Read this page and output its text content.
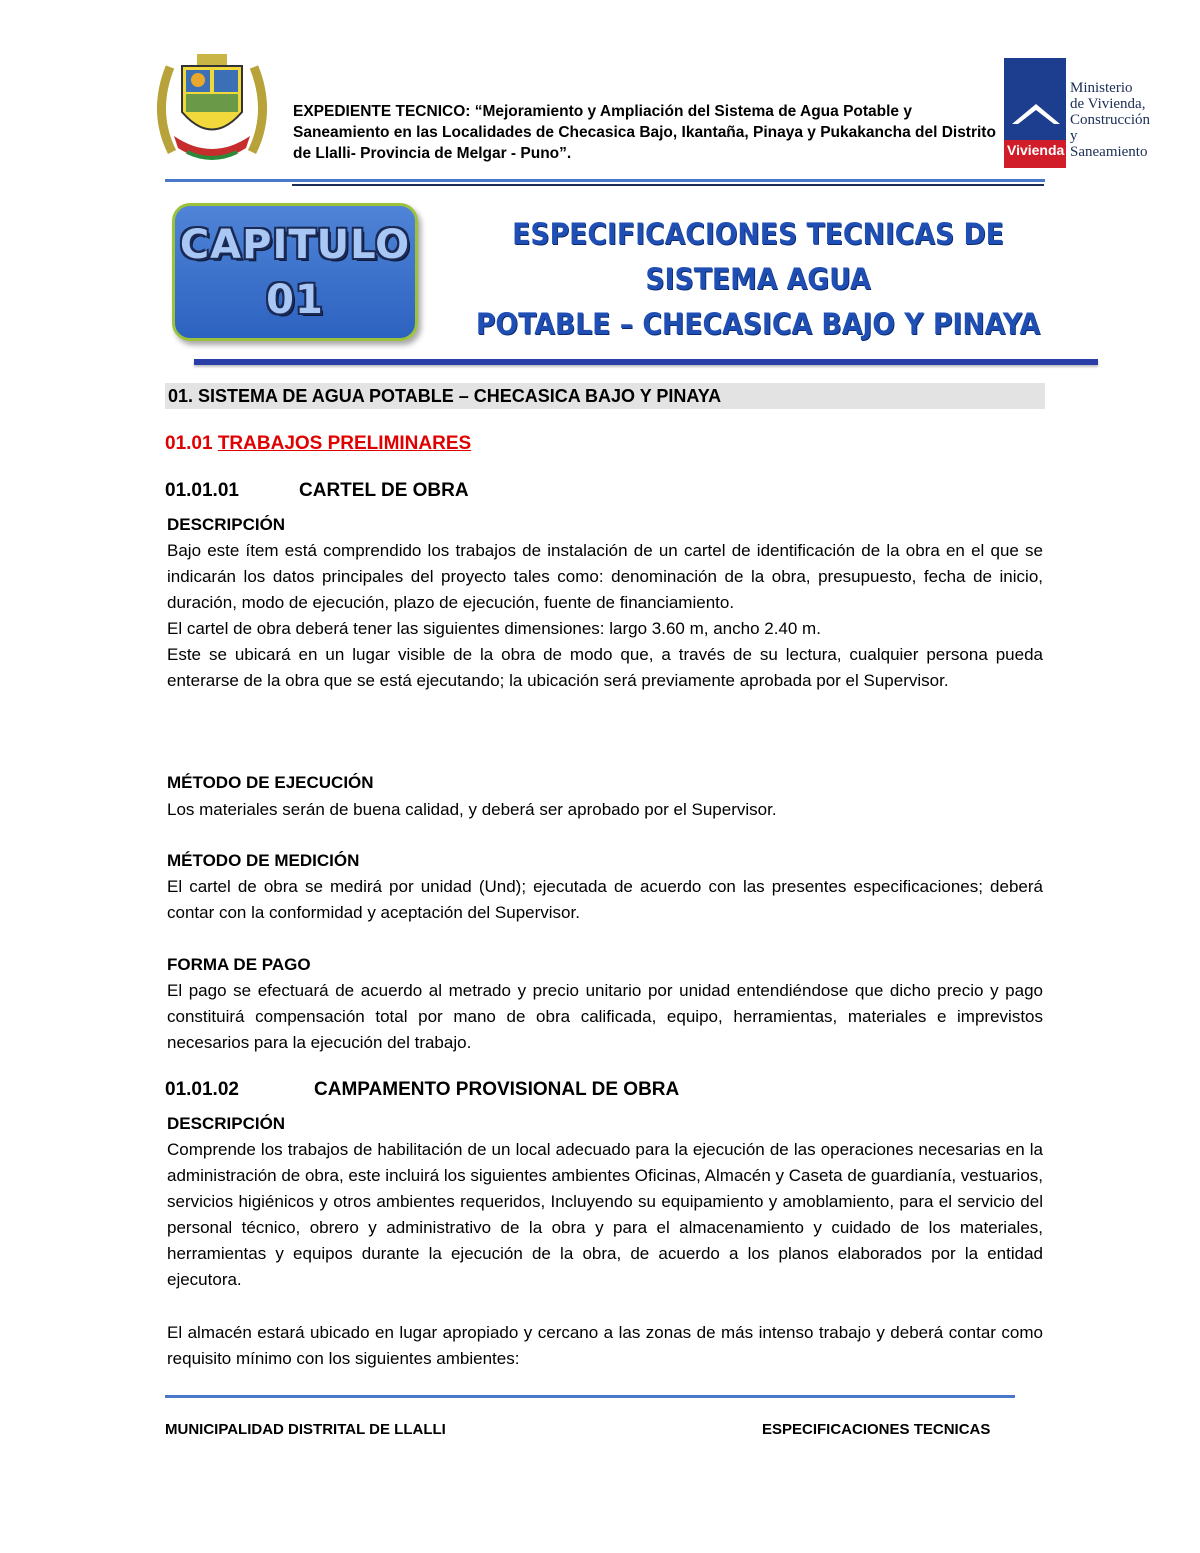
EXPEDIENTE TECNICO: “Mejoramiento y Ampliación del Sistema de Agua Potable y Saneamiento en las Localidades de Checasica Bajo, Ikantaña, Pinaya y Pukakancha del Distrito de Llalli- Provincia de Melgar - Puno”.	Vivienda
Ministerio
de Vivienda,
Construcción
y Saneamiento
CAPITULO
01
ESPECIFICACIONES TECNICAS DE SISTEMA AGUA
POTABLE – CHECASICA BAJO Y PINAYA
01. SISTEMA DE AGUA POTABLE – CHECASICA BAJO Y PINAYA
01.01 TRABAJOS PRELIMINARES
01.01.01	CARTEL DE OBRA
DESCRIPCIÓN

Bajo este ítem está comprendido los trabajos de instalación de un cartel de identificación de la obra en el que se indicarán los datos principales del proyecto tales como: denominación de la obra, presupuesto, fecha de inicio, duración, modo de ejecución, plazo de ejecución, fuente de financiamiento.

El cartel de obra deberá tener las siguientes dimensiones: largo 3.60 m, ancho 2.40 m.

Este se ubicará en un lugar visible de la obra de modo que, a través de su lectura, cualquier persona pueda enterarse de la obra que se está ejecutando; la ubicación será previamente aprobada por el Supervisor.

MÉTODO DE EJECUCIÓN
Los materiales serán de buena calidad, y deberá ser aprobado por el Supervisor.
MÉTODO DE MEDICIÓN
El cartel de obra se medirá por unidad (Und); ejecutada de acuerdo con las presentes especificaciones; deberá contar con la conformidad y aceptación del Supervisor.
FORMA DE PAGO
El pago se efectuará de acuerdo al metrado y precio unitario por unidad entendiéndose que dicho precio y pago constituirá compensación total por mano de obra calificada, equipo, herramientas, materiales e imprevistos necesarios para la ejecución del trabajo.
01.01.02	CAMPAMENTO PROVISIONAL DE OBRA
DESCRIPCIÓN
Comprende los trabajos de habilitación de un local adecuado para la ejecución de las operaciones necesarias en la administración de obra, este incluirá los siguientes ambientes Oficinas, Almacén y Caseta de guardianía, vestuarios, servicios higiénicos y otros ambientes requeridos, Incluyendo su equipamiento y amoblamiento, para el servicio del personal técnico, obrero y administrativo de la obra y para el almacenamiento y cuidado de los materiales, herramientas y equipos durante la ejecución de la obra, de acuerdo a los planos elaborados por la entidad ejecutora.
El almacén estará ubicado en lugar apropiado y cercano a las zonas de más intenso trabajo y deberá contar como requisito mínimo con los siguientes ambientes:
MUNICIPALIDAD DISTRITAL DE LLALLI	ESPECIFICACIONES TECNICAS
